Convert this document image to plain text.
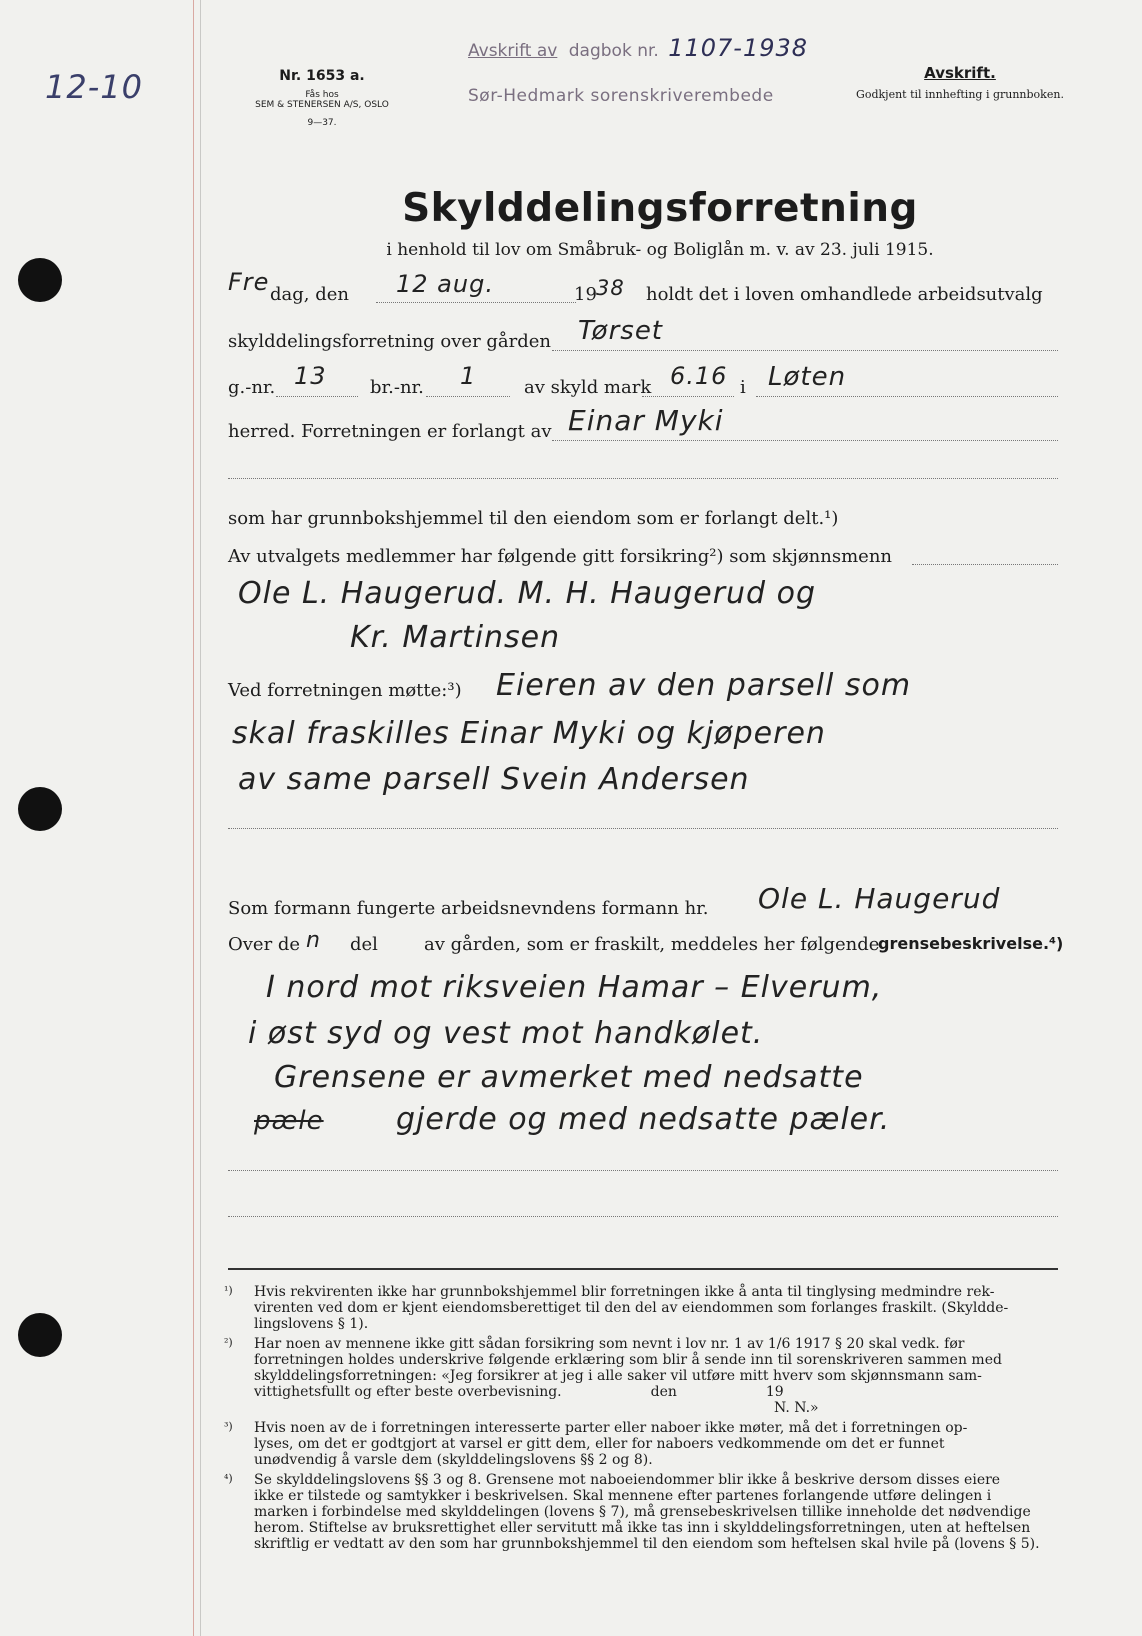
12-10	Nr. 1653 a.
Fås hos
SEM & STENERSEN A/S, OSLO
9—37.
Avskrift av dagbok nr. 1107-1938
Sør-Hedmark sorenskriverembede
Avskrift.
Godkjent til innhefting i grunnboken.
Skylddelingsforretning
i henhold til lov om Småbruk- og Boliglån m. v. av 23. juli 1915.
Fre dag, den 12 aug.	19 38 holdt det i loven omhandlede arbeidsutvalg
skylddelingsforretning over gården Tørset
g.-nr. 13 br.-nr. 1	av skyld mark 6.16 i Løten
herred. Forretningen er forlangt av Einar Myki
som har grunnbokshjemmel til den eiendom som er forlangt delt.¹)
Av utvalgets medlemmer har følgende gitt forsikring²) som skjønnsmenn
Ole L. Haugerud. M. H. Haugerud og
Kr. Martinsen
Ved forretningen møtte:³) Eieren av den parsell som
skal fraskilles Einar Myki og kjøperen
av same parsell Svein Andersen
Som formann fungerte arbeidsnevndens formann hr. Ole L. Haugerud
Over de n del	av gården, som er fraskilt, meddeles her følgende
grensebeskrivelse.⁴)
I nord mot riksveien Hamar – Elverum,
i øst syd og vest mot handkølet.
Grensene er avmerket med nedsatte
pæle gjerde og med nedsatte pæler.
¹)	Hvis rekvirenten ikke har grunnbokshjemmel blir forretningen ikke å anta til tinglysing medmindre rek-
virenten ved dom er kjent eiendomsberettiget til den del av eiendommen som forlanges fraskilt. (Skyldde-
lingslovens § 1).
²)	Har noen av mennene ikke gitt sådan forsikring som nevnt i lov nr. 1 av 1/6 1917 § 20 skal vedk. før
forretningen holdes underskrive følgende erklæring som blir å sende inn til sorenskriveren sammen med
skylddelingsforretningen: «Jeg forsikrer at jeg i alle saker vil utføre mitt hverv som skjønnsmann sam-
vittighetsfullt og efter beste overbevisning.                    den                    19
N. N.»
³)	Hvis noen av de i forretningen interesserte parter eller naboer ikke møter, må det i forretningen op-
lyses, om det er godtgjort at varsel er gitt dem, eller for naboers vedkommende om det er funnet
unødvendig å varsle dem (skylddelingslovens §§ 2 og 8).
⁴)	Se skylddelingslovens §§ 3 og 8. Grensene mot naboeiendommer blir ikke å beskrive dersom disses eiere
ikke er tilstede og samtykker i beskrivelsen. Skal mennene efter partenes forlangende utføre delingen i
marken i forbindelse med skylddelingen (lovens § 7), må grensebeskrivelsen tillike inneholde det nødvendige
herom. Stiftelse av bruksrettighet eller servitutt må ikke tas inn i skylddelingsforretningen, uten at heftelsen
skriftlig er vedtatt av den som har grunnbokshjemmel til den eiendom som heftelsen skal hvile på (lovens § 5).
